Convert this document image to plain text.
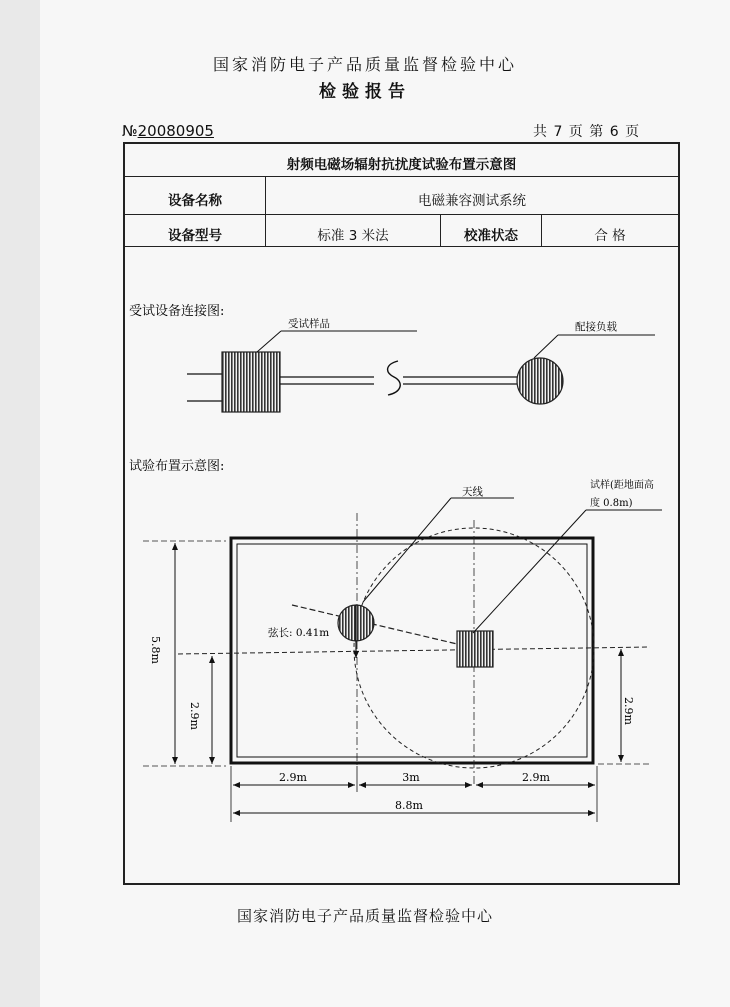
国家消防电子产品质量监督检验中心
检验报告
№20080905	共 7 页 第 6 页
射频电磁场辐射抗扰度试验布置示意图
设备名称	电磁兼容测试系统
设备型号	标准 3 米法	校准状态	合 格
受试设备连接图:
试验布置示意图:
受试样品	配接负载
天线
试样(距地面高
度 0.8m)
弦长: 0.41m
5.8m
2.9m	2.9m
2.9m	3m	2.9m
8.8m
国家消防电子产品质量监督检验中心
